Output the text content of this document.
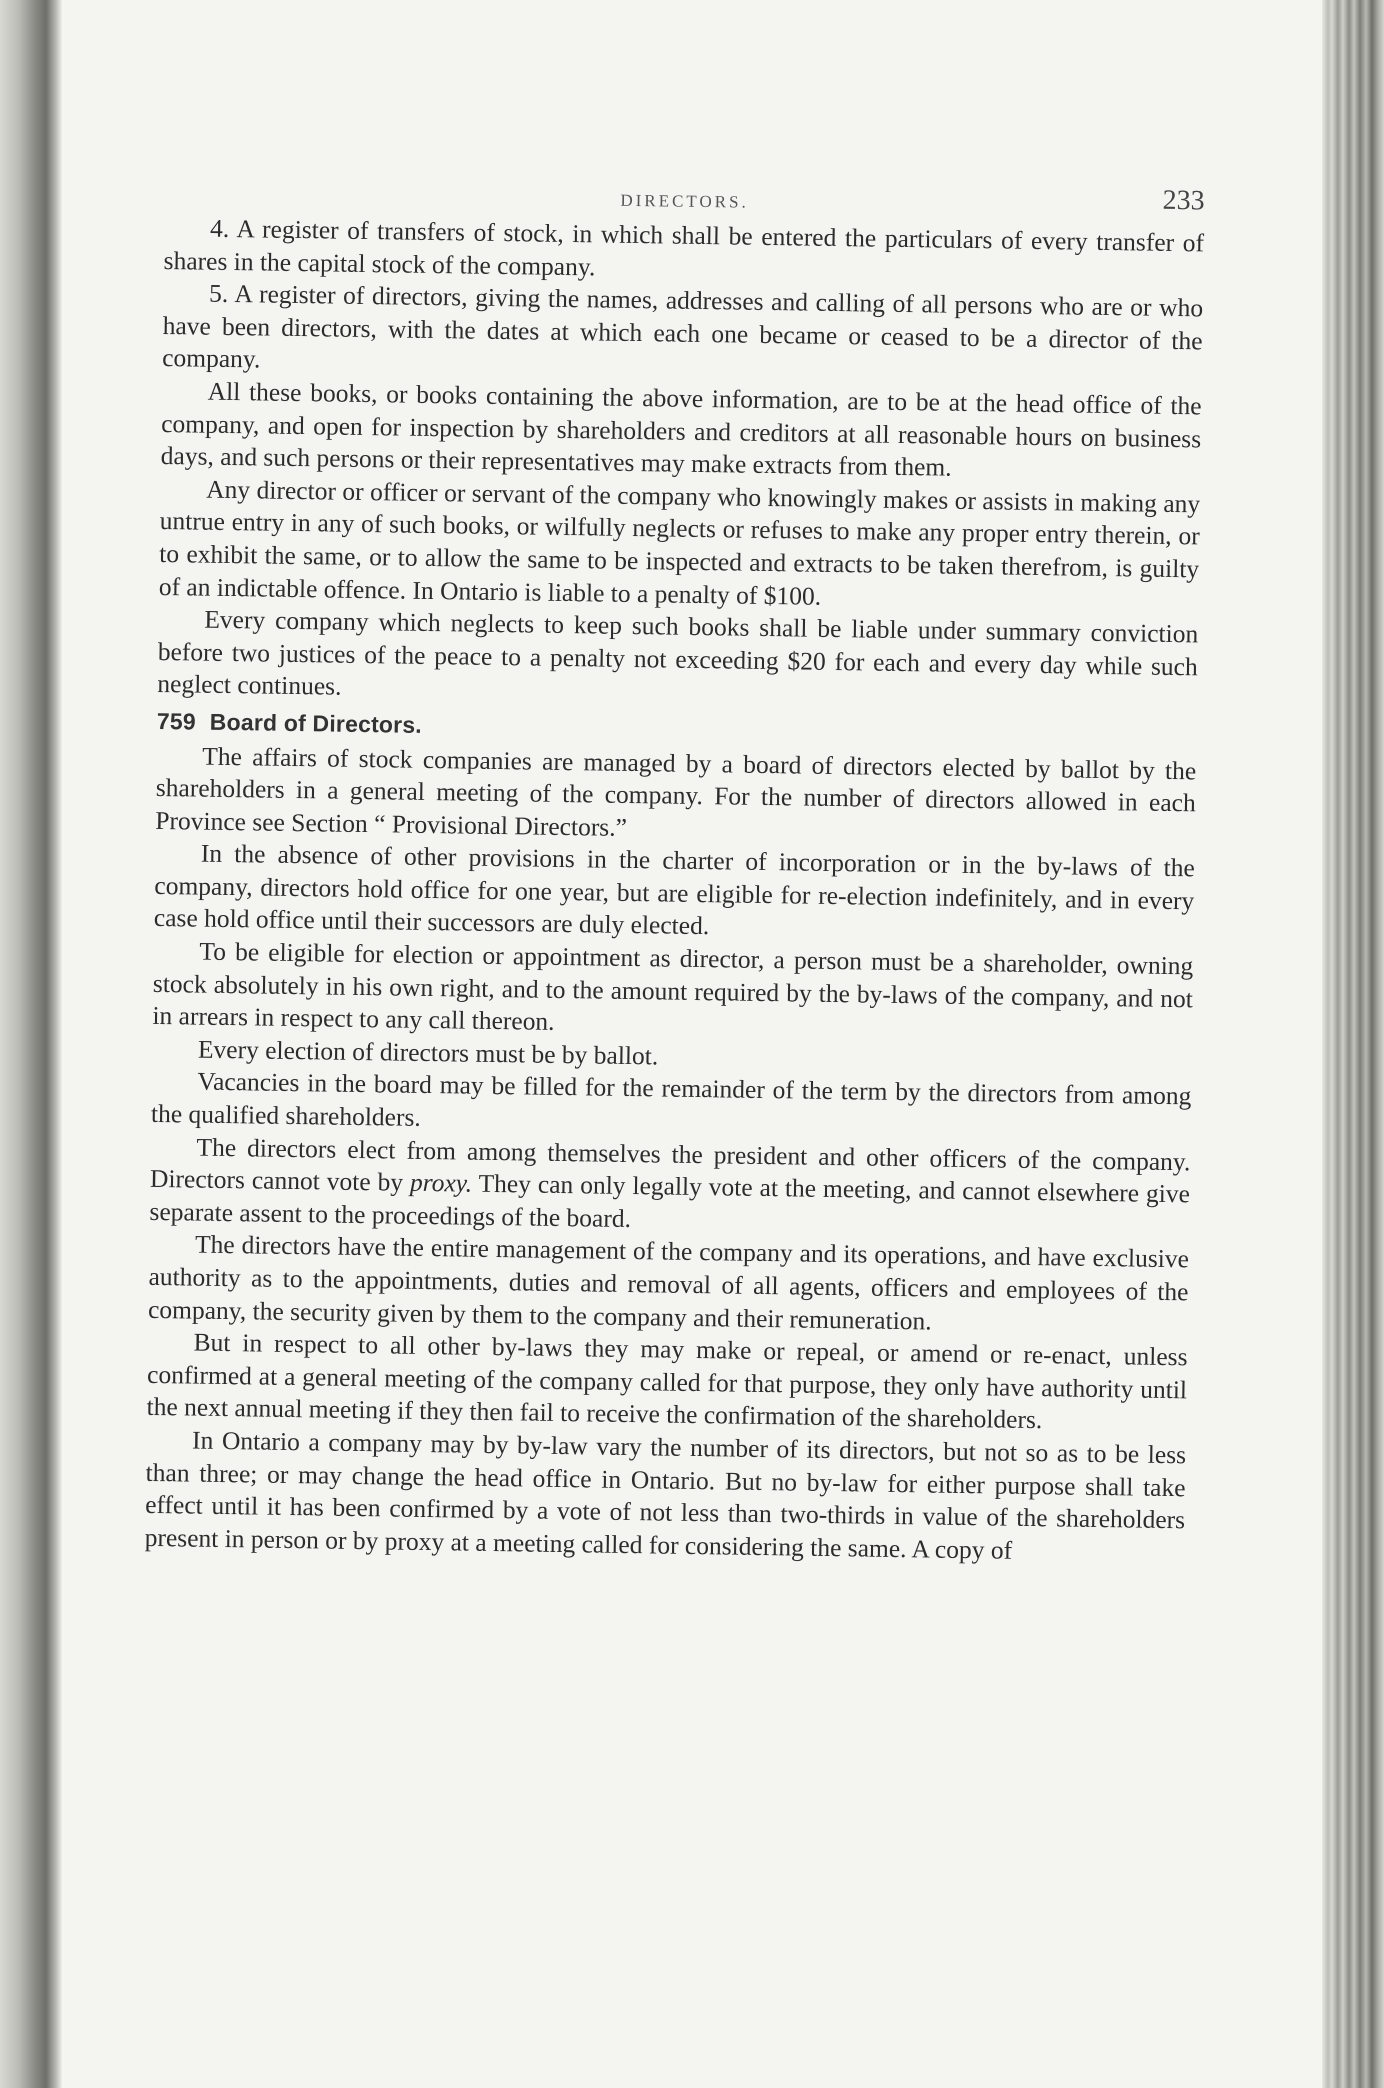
DIRECTORS.	233

4. A register of transfers of stock, in which shall be entered the particulars of every transfer of shares in the capital stock of the company.

5. A register of directors, giving the names, addresses and calling of all persons who are or who have been directors, with the dates at which each one became or ceased to be a director of the company.

All these books, or books containing the above information, are to be at the head office of the company, and open for inspection by shareholders and creditors at all reasonable hours on business days, and such persons or their representatives may make extracts from them.

Any director or officer or servant of the company who knowingly makes or assists in making any untrue entry in any of such books, or wilfully neglects or refuses to make any proper entry therein, or to exhibit the same, or to allow the same to be inspected and extracts to be taken therefrom, is guilty of an indictable offence. In Ontario is liable to a penalty of $100.

Every company which neglects to keep such books shall be liable under summary conviction before two justices of the peace to a penalty not exceeding $20 for each and every day while such neglect continues.

759 Board of Directors.

The affairs of stock companies are managed by a board of directors elected by ballot by the shareholders in a general meeting of the company. For the number of directors allowed in each Province see Section “ Provisional Directors.”

In the absence of other provisions in the charter of incorporation or in the by-laws of the company, directors hold office for one year, but are eligible for re-election indefinitely, and in every case hold office until their successors are duly elected.

To be eligible for election or appointment as director, a person must be a shareholder, owning stock absolutely in his own right, and to the amount required by the by-laws of the company, and not in arrears in respect to any call thereon.

Every election of directors must be by ballot.

Vacancies in the board may be filled for the remainder of the term by the directors from among the qualified shareholders.

The directors elect from among themselves the president and other officers of the company. Directors cannot vote by proxy. They can only legally vote at the meeting, and cannot elsewhere give separate assent to the proceedings of the board.

The directors have the entire management of the company and its operations, and have exclusive authority as to the appointments, duties and removal of all agents, officers and employees of the company, the security given by them to the company and their remuneration.

But in respect to all other by-laws they may make or repeal, or amend or re-enact, unless confirmed at a general meeting of the company called for that purpose, they only have authority until the next annual meeting if they then fail to receive the confirmation of the shareholders.

In Ontario a company may by by-law vary the number of its directors, but not so as to be less than three; or may change the head office in Ontario. But no by-law for either purpose shall take effect until it has been confirmed by a vote of not less than two-thirds in value of the shareholders present in person or by proxy at a meeting called for considering the same. A copy of
